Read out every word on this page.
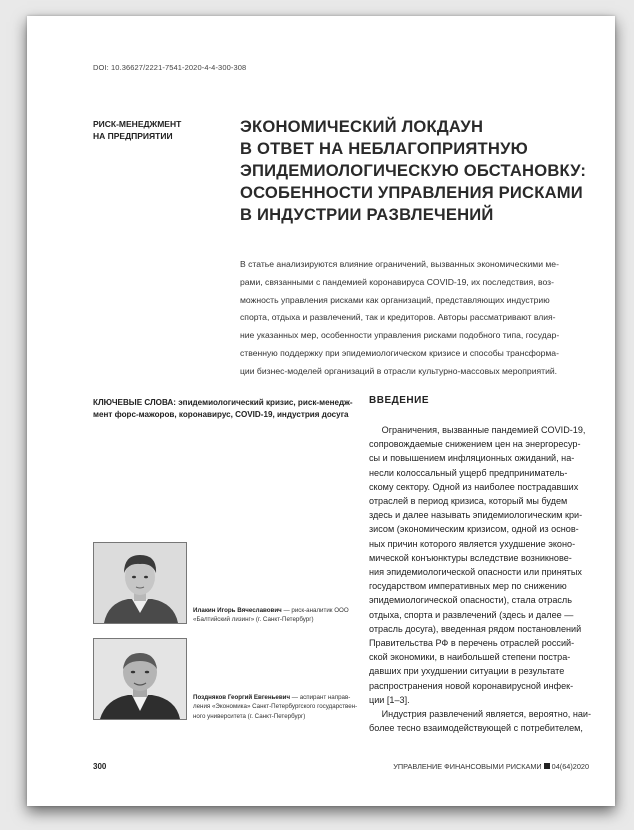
DOI: 10.36627/2221-7541-2020-4-4-300-308
РИСК-МЕНЕДЖМЕНТ
НА ПРЕДПРИЯТИИ	ЭКОНОМИЧЕСКИЙ ЛОКДАУН
В ОТВЕТ НА НЕБЛАГОПРИЯТНУЮ
ЭПИДЕМИОЛОГИЧЕСКУЮ ОБСТАНОВКУ:
ОСОБЕННОСТИ УПРАВЛЕНИЯ РИСКАМИ
В ИНДУСТРИИ РАЗВЛЕЧЕНИЙ
В статье анализируются влияние ограничений, вызванных экономическими ме-
рами, связанными с пандемией коронавируса COVID-19, их последствия, воз-
можность управления рисками как организаций, представляющих индустрию
спорта, отдыха и развлечений, так и кредиторов. Авторы рассматривают влия-
ние указанных мер, особенности управления рисками подобного типа, государ-
ственную поддержку при эпидемиологическом кризисе и способы трансформа-
ции бизнес-моделей организаций в отрасли культурно-массовых мероприятий.
КЛЮЧЕВЫЕ СЛОВА: эпидемиологический кризис, риск-менедж-
мент форс-мажоров, коронавирус, COVID-19, индустрия досуга
ВВЕДЕНИЕ
Ограничения, вызванные пандемией COVID-19,
сопровождаемые снижением цен на энергоресур-
сы и повышением инфляционных ожиданий, на-
несли колоссальный ущерб предприниматель-
скому сектору. Одной из наиболее пострадавших
отраслей в период кризиса, который мы будем
здесь и далее называть эпидемиологическим кри-
зисом (экономическим кризисом, одной из основ-
ных причин которого является ухудшение эконо-
мической конъюнктуры вследствие возникнове-
ния эпидемиологической опасности или принятых
государством императивных мер по снижению
эпидемиологической опасности), стала отрасль
отдыха, спорта и развлечений (здесь и далее —
отрасль досуга), введенная рядом постановлений
Правительства РФ в перечень отраслей россий-
ской экономики, в наибольшей степени постра-
давших при ухудшении ситуации в результате
распространения новой коронавирусной инфек-
ции [1–3].
Индустрия развлечений является, вероятно, наи-
более тесно взаимодействующей с потребителем,
Илакин Игорь Вячеславович — риск-аналитик ООО
«Балтийский лизинг» (г. Санкт-Петербург)
Поздняков Георгий Евгеньевич — аспирант направ-
ления «Экономика» Санкт-Петербургского государствен-
ного университета (г. Санкт-Петербург)
300	УПРАВЛЕНИЕ ФИНАНСОВЫМИ РИСКАМИ 04(64)2020
